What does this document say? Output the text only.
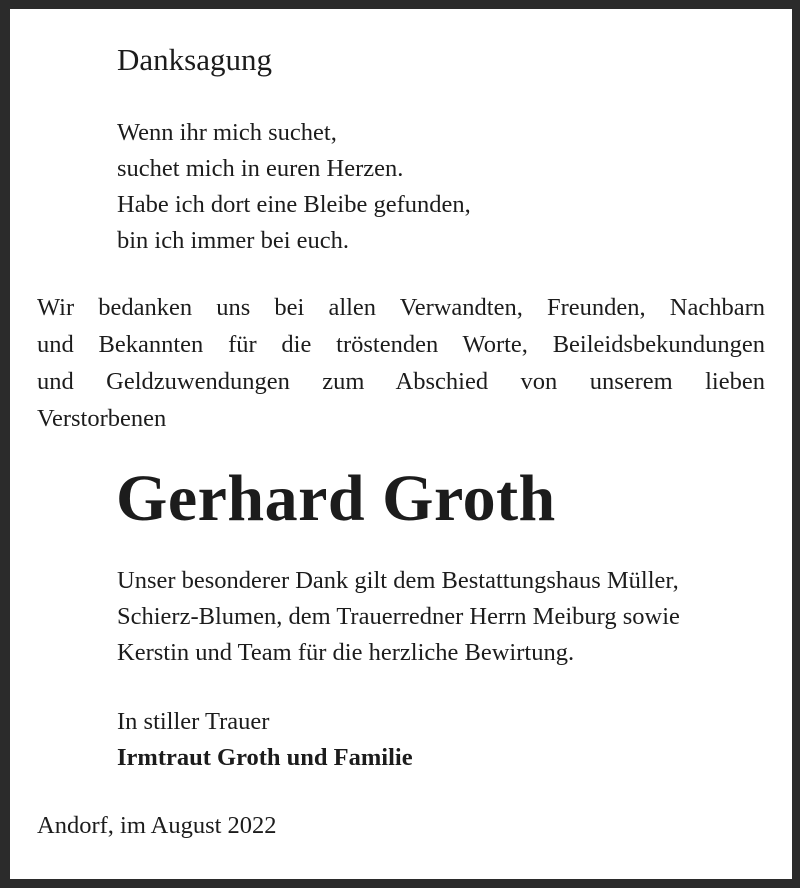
Danksagung
Wenn ihr mich suchet,
suchet mich in euren Herzen.
Habe ich dort eine Bleibe gefunden,
bin ich immer bei euch.
Wir bedanken uns bei allen Verwandten, Freunden, Nachbarn
und Bekannten für die tröstenden Worte, Beileidsbekundungen
und Geldzuwendungen zum Abschied von unserem lieben
Verstorbenen
Gerhard Groth
Unser besonderer Dank gilt dem Bestattungshaus Müller,
Schierz-Blumen, dem Trauerredner Herrn Meiburg sowie
Kerstin und Team für die herzliche Bewirtung.
In stiller Trauer
Irmtraut Groth und Familie
Andorf, im August 2022
